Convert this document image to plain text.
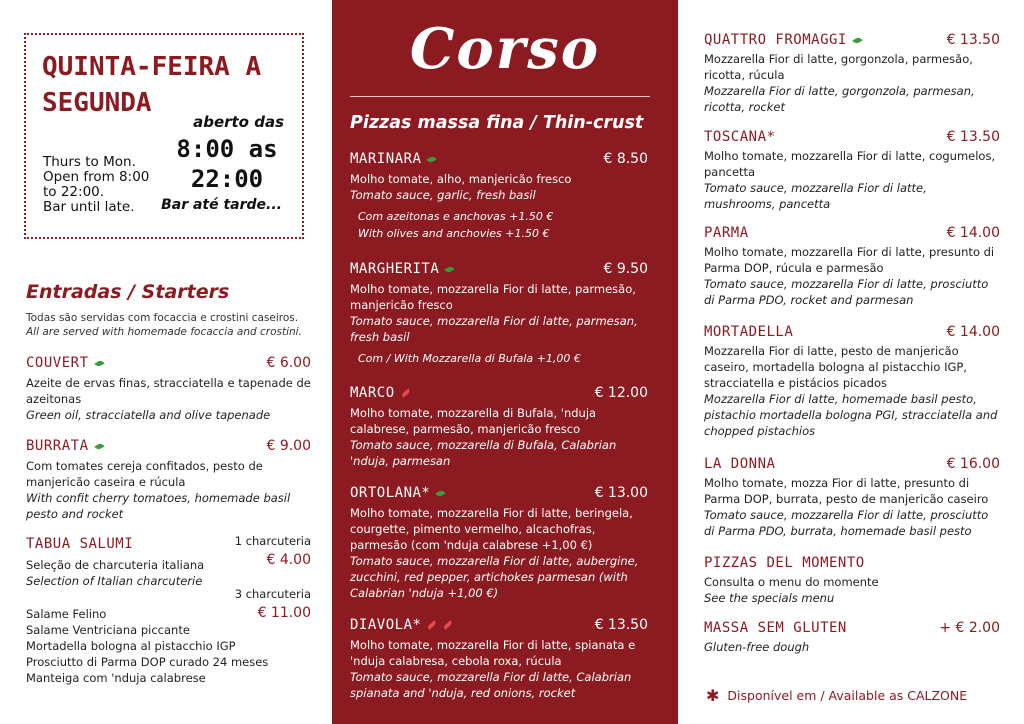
QUINTA-FEIRA A SEGUNDA
aberto das
8:00 as 22:00
Bar até tarde...
Thurs to Mon.
Open from 8:00
to 22:00.
Bar until late.
Entradas / Starters
Todas são servidas com focaccia e crostini caseiros.
All are served with homemade focaccia and crostini.
COUVERT	€ 6.00
Azeite de ervas finas, stracciatella e tapenade de azeitonas
Green oil, stracciatella and olive tapenade
BURRATA	€ 9.00
Com tomates cereja confitados, pesto de manjericão caseira e rúcula
With confit cherry tomatoes, homemade basil pesto and rocket
TABUA SALUMI	1 charcuteria
€ 4.00
Seleção de charcuteria italiana
Selection of Italian charcuterie
3 charcuteria
€ 11.00
Salame Felino
Salame Ventriciana piccante
Mortadella bologna al pistacchio IGP
Prosciutto di Parma DOP curado 24 meses
Manteiga com 'nduja calabrese
Corso
Pizzas massa fina / Thin-crust
MARINARA	€ 8.50
Molho tomate, alho, manjericão fresco
Tomato sauce, garlic, fresh basil
Com azeitonas e anchovas +1.50 €
With olives and anchovies +1.50 €
MARGHERITA	€ 9.50
Molho tomate, mozzarella Fior di latte, parmesão, manjericão fresco
Tomato sauce, mozzarella Fior di latte, parmesan, fresh basil
Com / With Mozzarella di Bufala +1,00 €
MARCO	€ 12.00
Molho tomate, mozzarella di Bufala, 'nduja calabrese, parmesão, manjericão fresco
Tomato sauce, mozzarella di Bufala, Calabrian 'nduja, parmesan
ORTOLANA*	€ 13.00
Molho tomate, mozzarella Fior di latte, beringela, courgette, pimento vermelho, alcachofras, parmesão (com 'nduja calabrese +1,00 €)
Tomato sauce, mozzarella Fior di latte, aubergine, zucchini, red pepper, artichokes parmesan (with Calabrian 'nduja +1,00 €)
DIAVOLA*	€ 13.50
Molho tomate, mozzarella Fior di latte, spianata e 'nduja calabresa, cebola roxa, rúcula
Tomato sauce, mozzarella Fior di latte, Calabrian spianata and 'nduja, red onions, rocket
QUATTRO FROMAGGI	€ 13.50
Mozzarella Fior di latte, gorgonzola, parmesão, ricotta, rúcula
Mozzarella Fior di latte, gorgonzola, parmesan, ricotta, rocket
TOSCANA*	€ 13.50
Molho tomate, mozzarella Fior di latte, cogumelos, pancetta
Tomato sauce, mozzarella Fior di latte, mushrooms, pancetta
PARMA	€ 14.00
Molho tomate, mozzarella Fior di latte, presunto di Parma DOP, rúcula e parmesão
Tomato sauce, mozzarella Fior di latte, prosciutto di Parma PDO, rocket and parmesan
MORTADELLA	€ 14.00
Mozzarella Fior di latte, pesto de manjericão caseiro, mortadella bologna al pistacchio IGP, stracciatella e pistácios picados
Mozzarella Fior di latte, homemade basil pesto, pistachio mortadella bologna PGI, stracciatella and chopped pistachios
LA DONNA	€ 16.00
Molho tomate, mozza Fior di latte, presunto di Parma DOP, burrata, pesto de manjericão caseiro
Tomato sauce, mozzarella Fior di latte, prosciutto di Parma PDO, burrata, homemade basil pesto
PIZZAS DEL MOMENTO
Consulta o menu do momente
See the specials menu
MASSA SEM GLUTEN	+ € 2.00
Gluten-free dough
✱ Disponível em / Available as CALZONE
